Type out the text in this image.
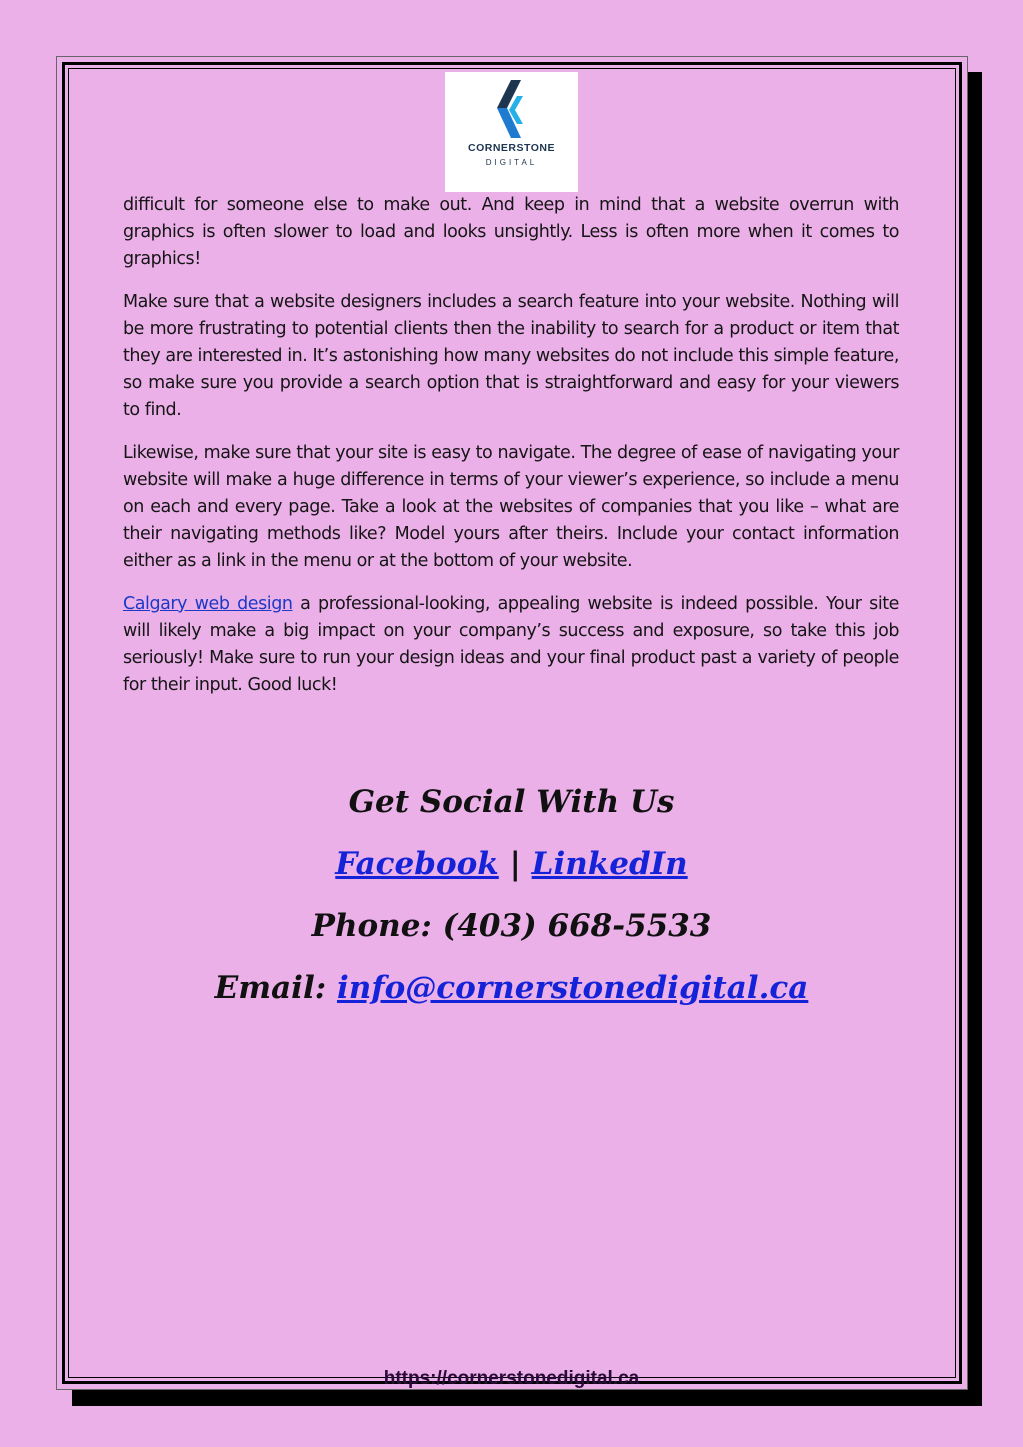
CORNERSTONE
DIGITAL

difficult for someone else to make out. And keep in mind that a website overrun with graphics is often slower to load and looks unsightly. Less is often more when it comes to graphics!

Make sure that a website designers includes a search feature into your website. Nothing will be more frustrating to potential clients then the inability to search for a product or item that they are interested in. It’s astonishing how many websites do not include this simple feature, so make sure you provide a search option that is straightforward and easy for your viewers to find.

Likewise, make sure that your site is easy to navigate. The degree of ease of navigating your website will make a huge difference in terms of your viewer’s experience, so include a menu on each and every page. Take a look at the websites of companies that you like – what are their navigating methods like? Model yours after theirs. Include your contact information either as a link in the menu or at the bottom of your website.

Calgary web design a professional-looking, appealing website is indeed possible. Your site will likely make a big impact on your company’s success and exposure, so take this job seriously! Make sure to run your design ideas and your final product past a variety of people for their input. Good luck!

Get Social With Us
Facebook | LinkedIn
Phone: (403) 668-5533
Email: info@cornerstonedigital.ca
